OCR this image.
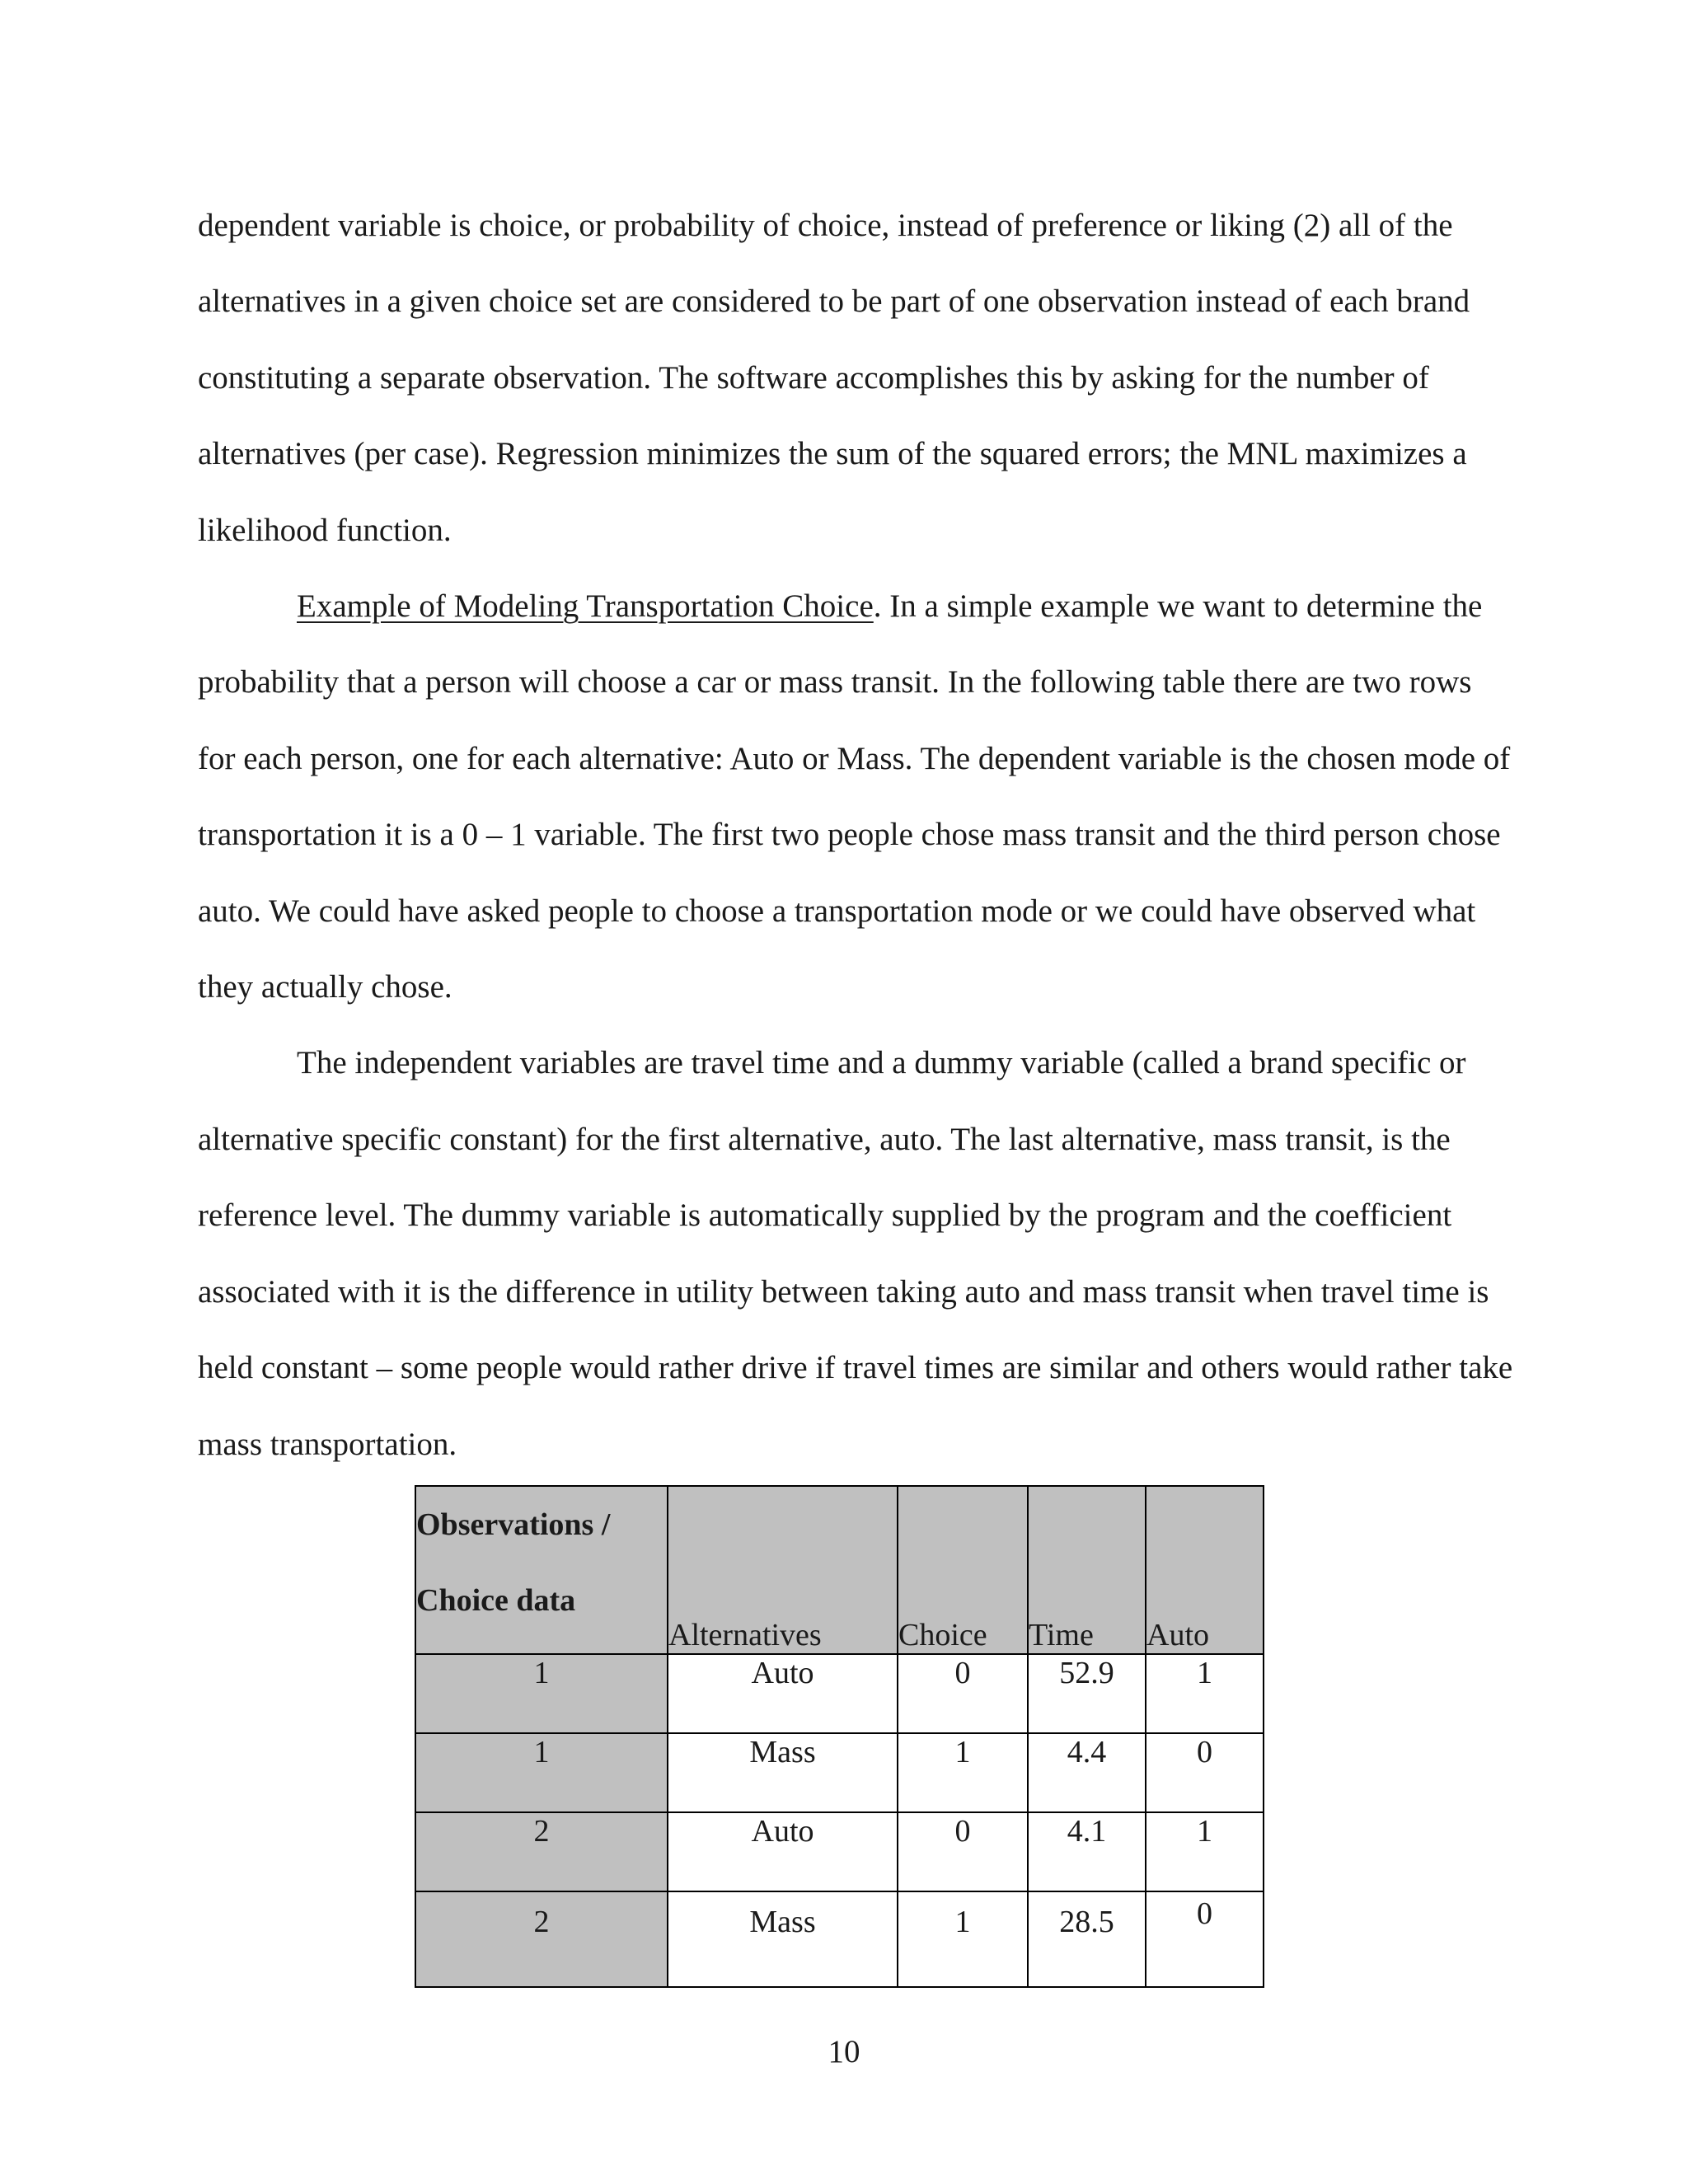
dependent variable is choice, or probability of choice, instead of preference or liking (2) all of the alternatives in a given choice set are considered to be part of one observation instead of each brand constituting a separate observation. The software accomplishes this by asking for the number of alternatives (per case). Regression minimizes the sum of the squared errors; the MNL maximizes a likelihood function.

Example of Modeling Transportation Choice. In a simple example we want to determine the probability that a person will choose a car or mass transit. In the following table there are two rows for each person, one for each alternative: Auto or Mass. The dependent variable is the chosen mode of transportation it is a 0 – 1 variable. The first two people chose mass transit and the third person chose auto. We could have asked people to choose a transportation mode or we could have observed what they actually chose.

The independent variables are travel time and a dummy variable (called a brand specific or alternative specific constant) for the first alternative, auto. The last alternative, mass transit, is the reference level. The dummy variable is automatically supplied by the program and the coefficient associated with it is the difference in utility between taking auto and mass transit when travel time is held constant – some people would rather drive if travel times are similar and others would rather take mass transportation.

Observations /
Choice data	Alternatives	Choice	Time	Auto
1	Auto	0	52.9	1
1	Mass	1	4.4	0
2	Auto	0	4.1	1
2	Mass	1	28.5	0
10
